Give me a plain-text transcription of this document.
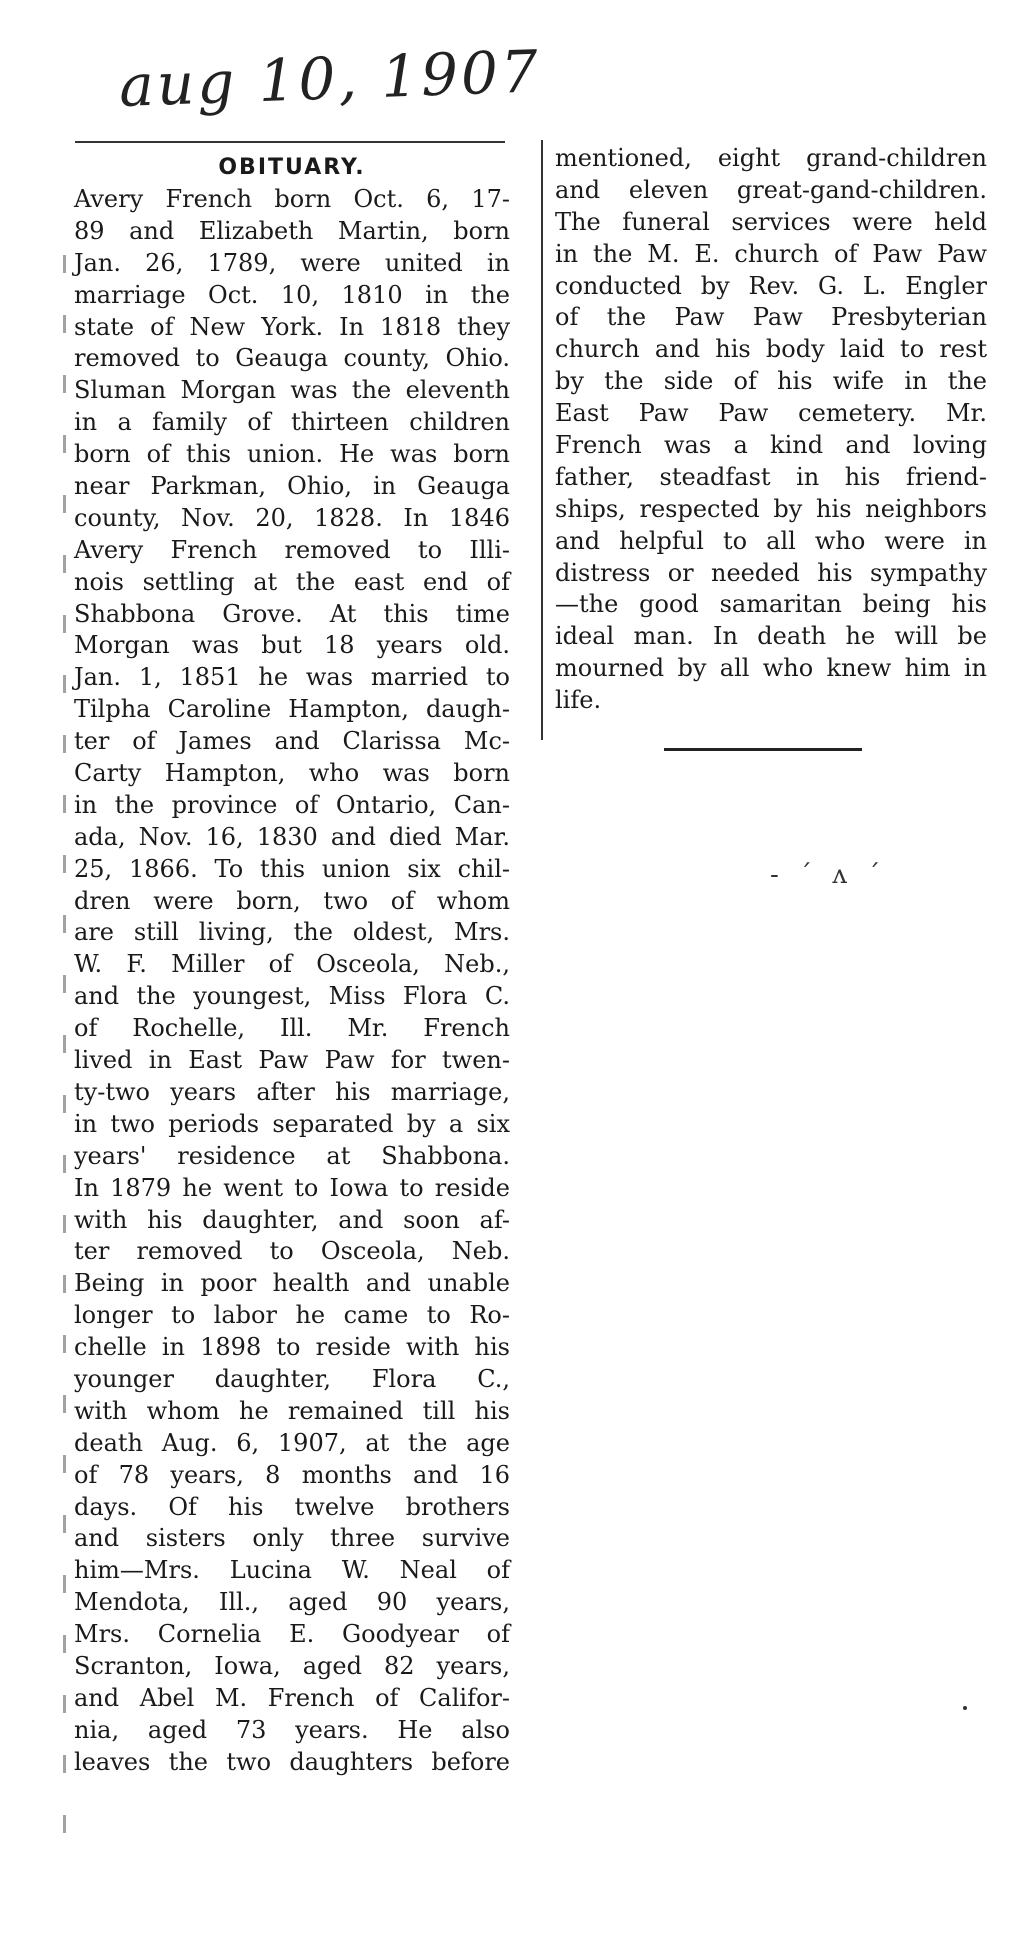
aug 10, 1907
OBITUARY.
Avery French born Oct. 6, 17-
89 and Elizabeth Martin, born
Jan. 26, 1789, were united in
marriage Oct. 10, 1810 in the
state of New York. In 1818 they
removed to Geauga county, Ohio.
Sluman Morgan was the eleventh
in a family of thirteen children
born of this union. He was born
near Parkman, Ohio, in Geauga
county, Nov. 20, 1828. In 1846
Avery French removed to Illi-
nois settling at the east end of
Shabbona Grove. At this time
Morgan was but 18 years old.
Jan. 1, 1851 he was married to
Tilpha Caroline Hampton, daugh-
ter of James and Clarissa Mc-
Carty Hampton, who was born
in the province of Ontario, Can-
ada, Nov. 16, 1830 and died Mar.
25, 1866. To this union six chil-
dren were born, two of whom
are still living, the oldest, Mrs.
W. F. Miller of Osceola, Neb.,
and the youngest, Miss Flora C.
of Rochelle, Ill. Mr. French
lived in East Paw Paw for twen-
ty-two years after his marriage,
in two periods separated by a six
years' residence at Shabbona.
In 1879 he went to Iowa to reside
with his daughter, and soon af-
ter removed to Osceola, Neb.
Being in poor health and unable
longer to labor he came to Ro-
chelle in 1898 to reside with his
younger daughter, Flora C.,
with whom he remained till his
death Aug. 6, 1907, at the age
of 78 years, 8 months and 16
days. Of his twelve brothers
and sisters only three survive
him—Mrs. Lucina W. Neal of
Mendota, Ill., aged 90 years,
Mrs. Cornelia E. Goodyear of
Scranton, Iowa, aged 82 years,
and Abel M. French of Califor-
nia, aged 73 years. He also
leaves the two daughters before
mentioned, eight grand-children
and eleven great-gand-children.
The funeral services were held
in the M. E. church of Paw Paw
conducted by Rev. G. L. Engler
of the Paw Paw Presbyterian
church and his body laid to rest
by the side of his wife in the
East Paw Paw cemetery. Mr.
French was a kind and loving
father, steadfast in his friend-
ships, respected by his neighbors
and helpful to all who were in
distress or needed his sympathy
—the good samaritan being his
ideal man. In death he will be
mourned by all who knew him in
life.
- ˊ ʌ ˊ
